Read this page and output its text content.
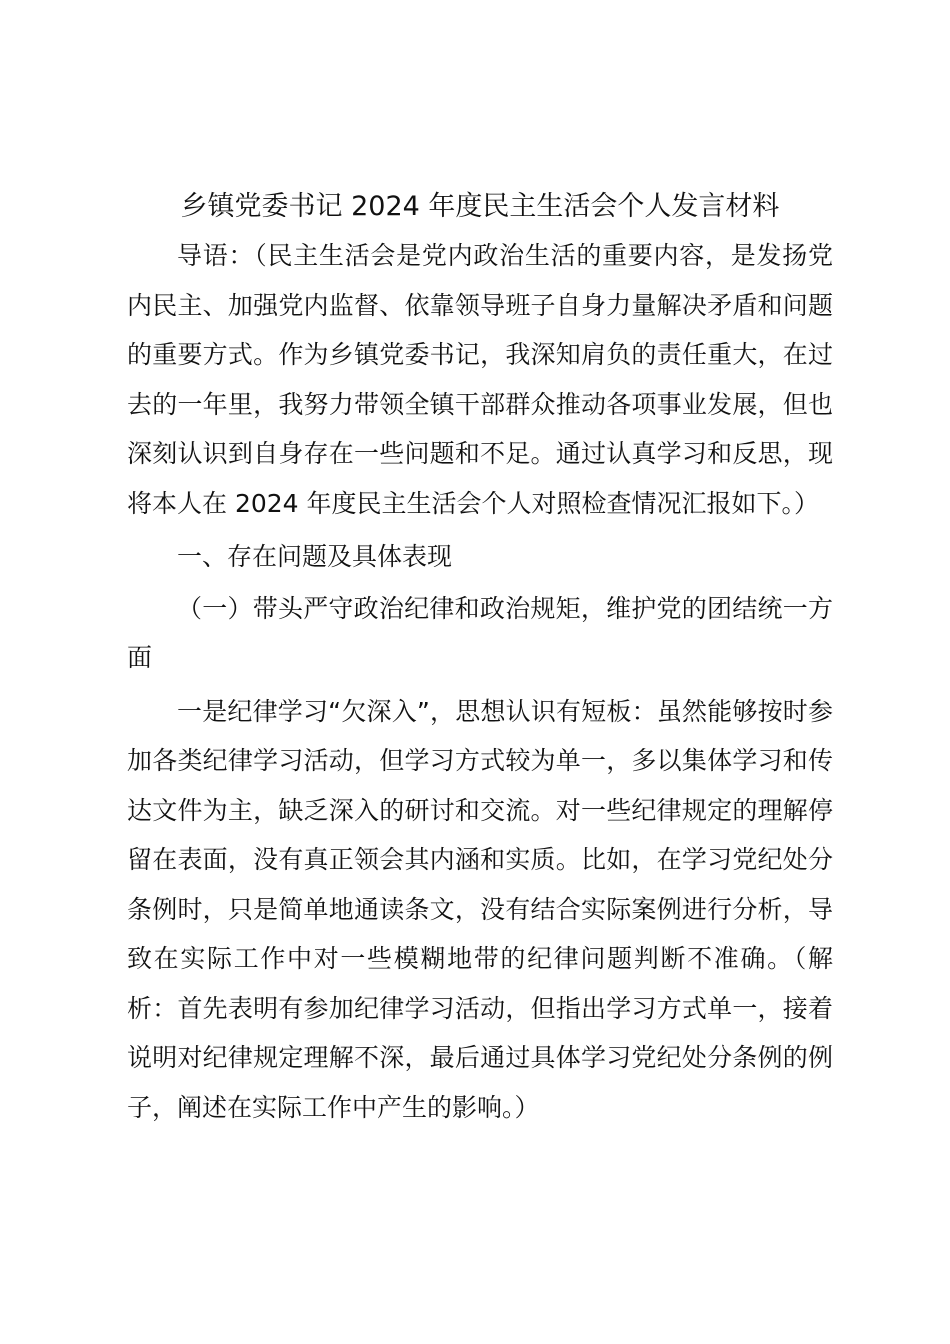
乡镇党委书记 2024 年度民主生活会个人发言材料

导语：（民主生活会是党内政治生活的重要内容，是发扬党内民主、加强党内监督、依靠领导班子自身力量解决矛盾和问题的重要方式。作为乡镇党委书记，我深知肩负的责任重大，在过去的一年里，我努力带领全镇干部群众推动各项事业发展，但也深刻认识到自身存在一些问题和不足。通过认真学习和反思，现将本人在 2024 年度民主生活会个人对照检查情况汇报如下。）

一、存在问题及具体表现

（一）带头严守政治纪律和政治规矩，维护党的团结统一方面

一是纪律学习“欠深入”，思想认识有短板：虽然能够按时参加各类纪律学习活动，但学习方式较为单一，多以集体学习和传达文件为主，缺乏深入的研讨和交流。对一些纪律规定的理解停留在表面，没有真正领会其内涵和实质。比如，在学习党纪处分条例时，只是简单地通读条文，没有结合实际案例进行分析，导致在实际工作中对一些模糊地带的纪律问题判断不准确。（解析：首先表明有参加纪律学习活动，但指出学习方式单一，接着说明对纪律规定理解不深，最后通过具体学习党纪处分条例的例子，阐述在实际工作中产生的影响。）
